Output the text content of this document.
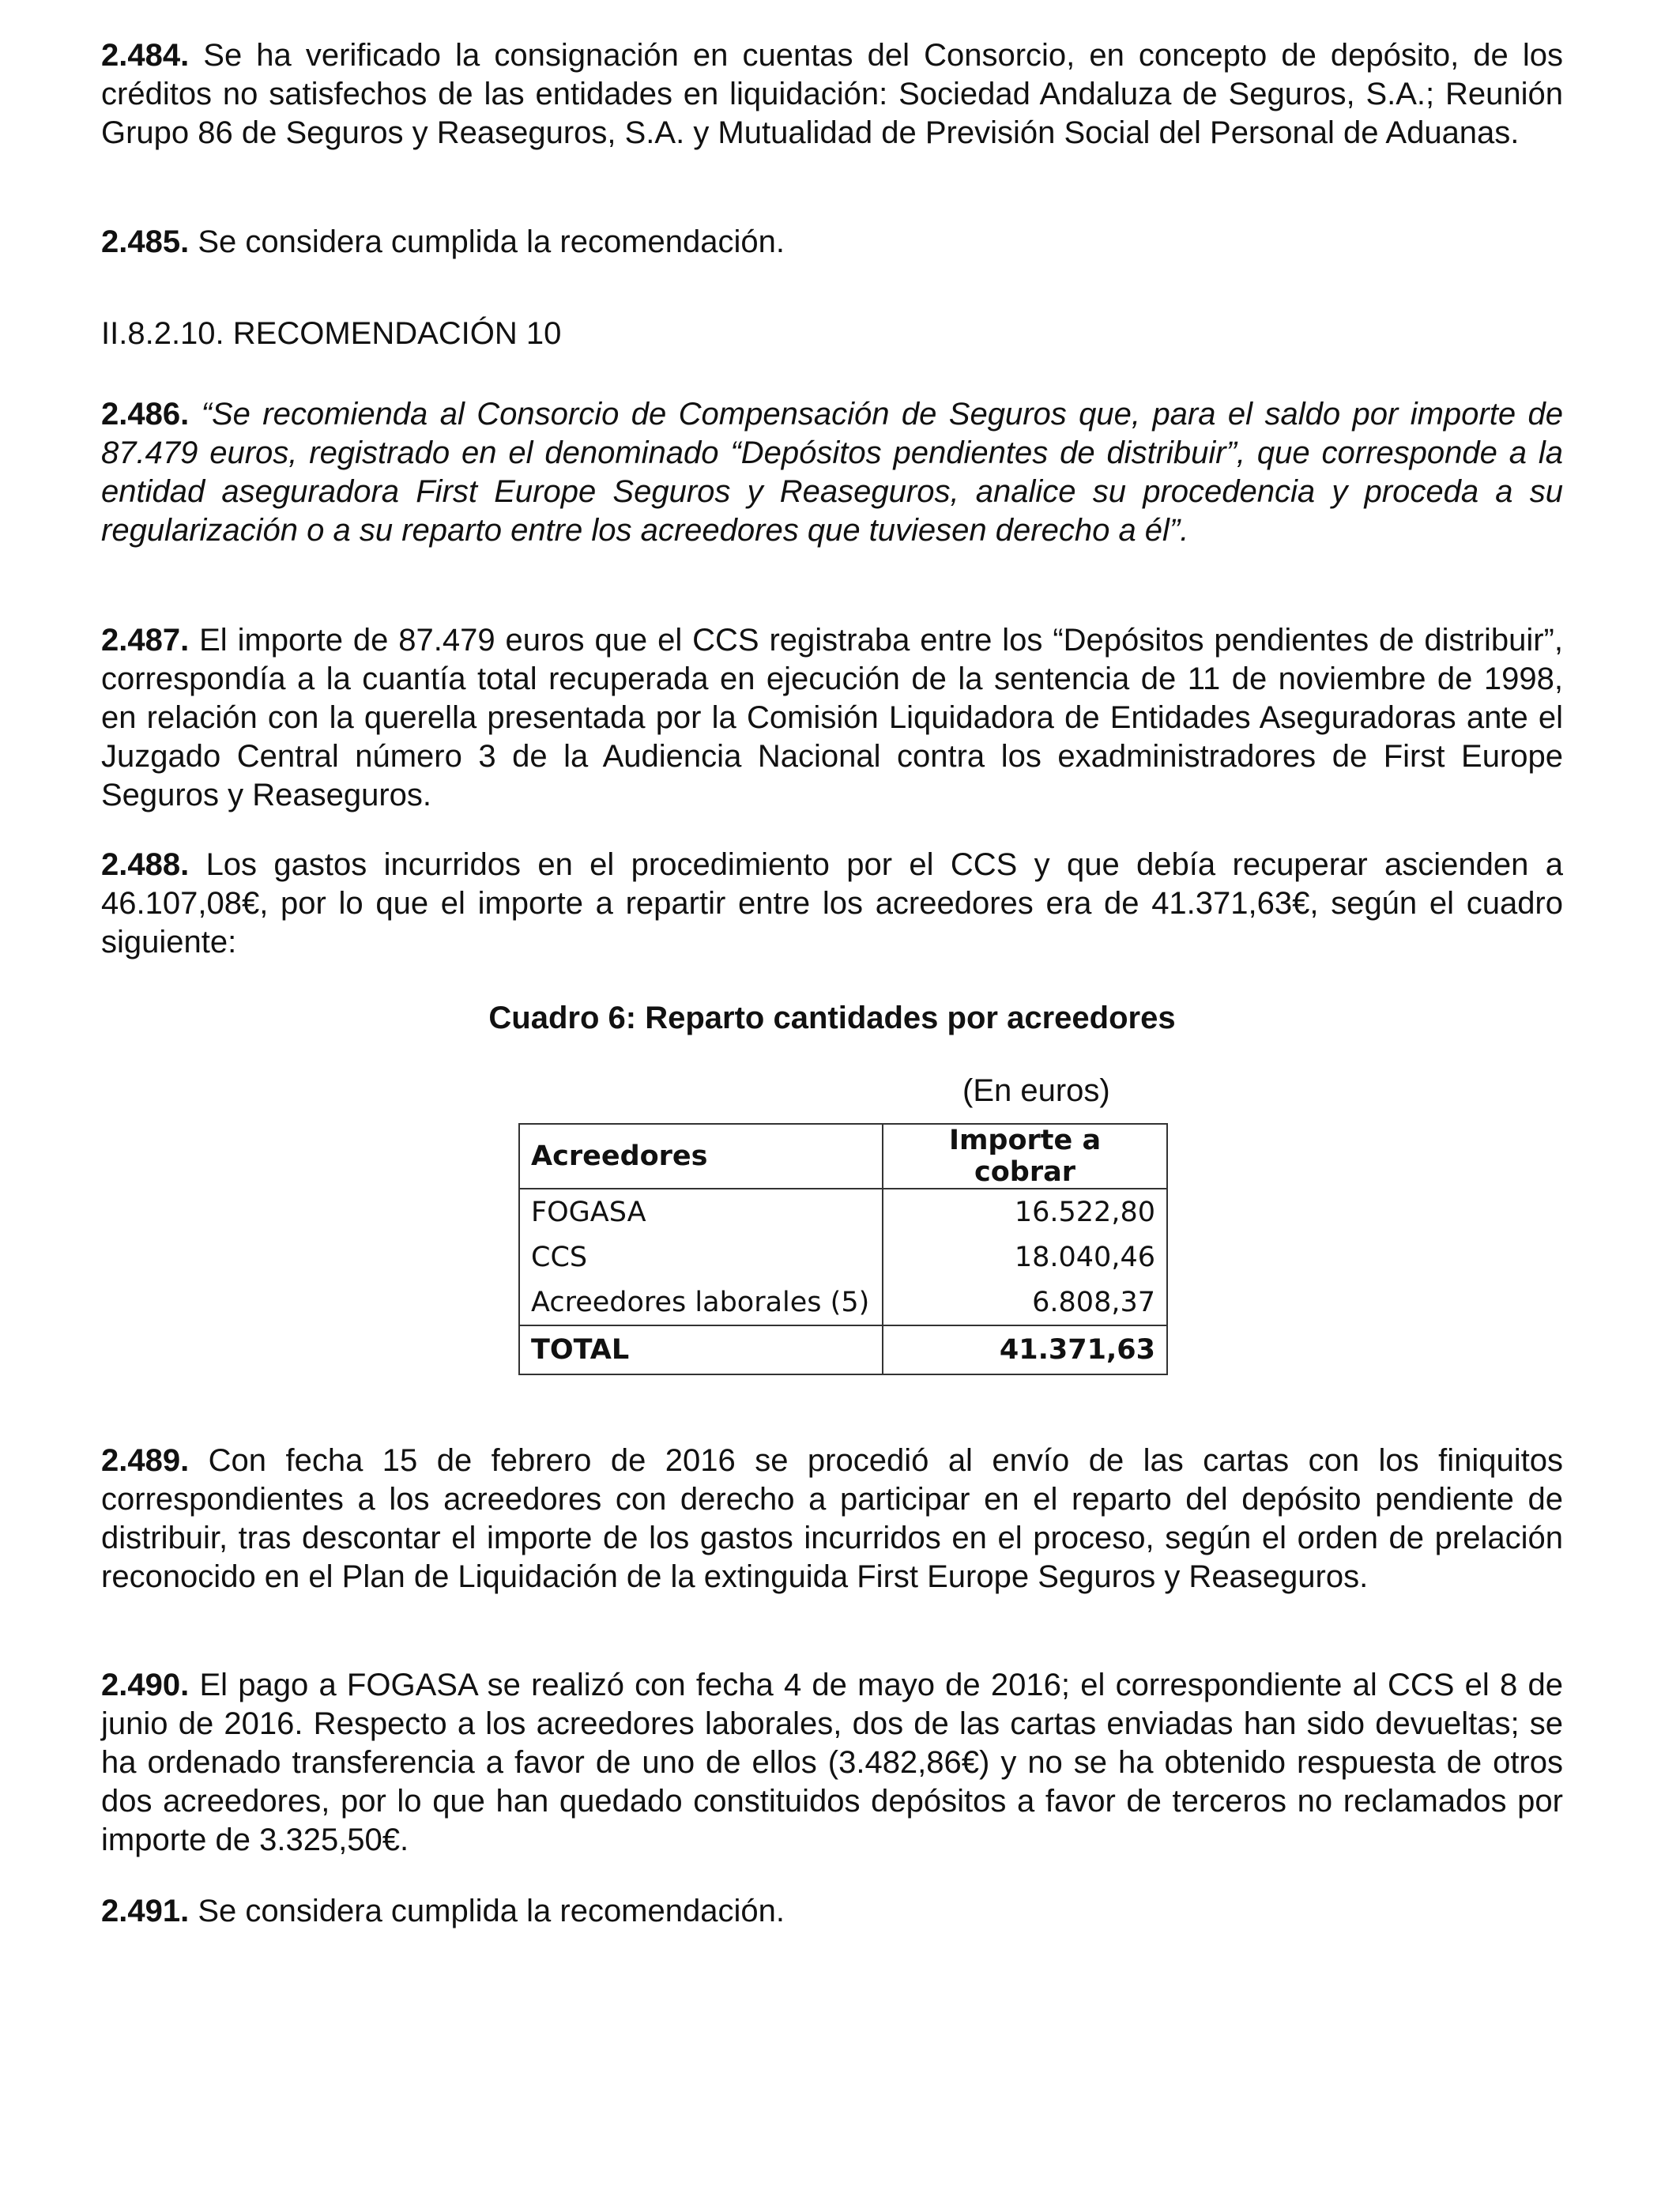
2.484. Se ha verificado la consignación en cuentas del Consorcio, en concepto de depósito, de los créditos no satisfechos de las entidades en liquidación: Sociedad Andaluza de Seguros, S.A.; Reunión Grupo 86 de Seguros y Reaseguros, S.A. y Mutualidad de Previsión Social del Personal de Aduanas.

2.485. Se considera cumplida la recomendación.

II.8.2.10. RECOMENDACIÓN 10

2.486. “Se recomienda al Consorcio de Compensación de Seguros que, para el saldo por importe de 87.479 euros, registrado en el denominado “Depósitos pendientes de distribuir”, que corresponde a la entidad aseguradora First Europe Seguros y Reaseguros, analice su procedencia y proceda a su regularización o a su reparto entre los acreedores que tuviesen derecho a él”.

2.487. El importe de 87.479 euros que el CCS registraba entre los “Depósitos pendientes de distribuir”, correspondía a la cuantía total recuperada en ejecución de la sentencia de 11 de noviembre de 1998, en relación con la querella presentada por la Comisión Liquidadora de Entidades Aseguradoras ante el Juzgado Central número 3 de la Audiencia Nacional contra los exadministradores de First Europe Seguros y Reaseguros.

2.488. Los gastos incurridos en el procedimiento por el CCS y que debía recuperar ascienden a 46.107,08€, por lo que el importe a repartir entre los acreedores era de 41.371,63€, según el cuadro siguiente:

Cuadro 6: Reparto cantidades por acreedores

(En euros)

Acreedores	Importe a cobrar
FOGASA	16.522,80
CCS	18.040,46
Acreedores laborales (5)	6.808,37
TOTAL	41.371,63

2.489. Con fecha 15 de febrero de 2016 se procedió al envío de las cartas con los finiquitos correspondientes a los acreedores con derecho a participar en el reparto del depósito pendiente de distribuir, tras descontar el importe de los gastos incurridos en el proceso, según el orden de prelación reconocido en el Plan de Liquidación de la extinguida First Europe Seguros y Reaseguros.

2.490. El pago a FOGASA se realizó con fecha 4 de mayo de 2016; el correspondiente al CCS el 8 de junio de 2016. Respecto a los acreedores laborales, dos de las cartas enviadas han sido devueltas; se ha ordenado transferencia a favor de uno de ellos (3.482,86€) y no se ha obtenido respuesta de otros dos acreedores, por lo que han quedado constituidos depósitos a favor de terceros no reclamados por importe de 3.325,50€.

2.491. Se considera cumplida la recomendación.
